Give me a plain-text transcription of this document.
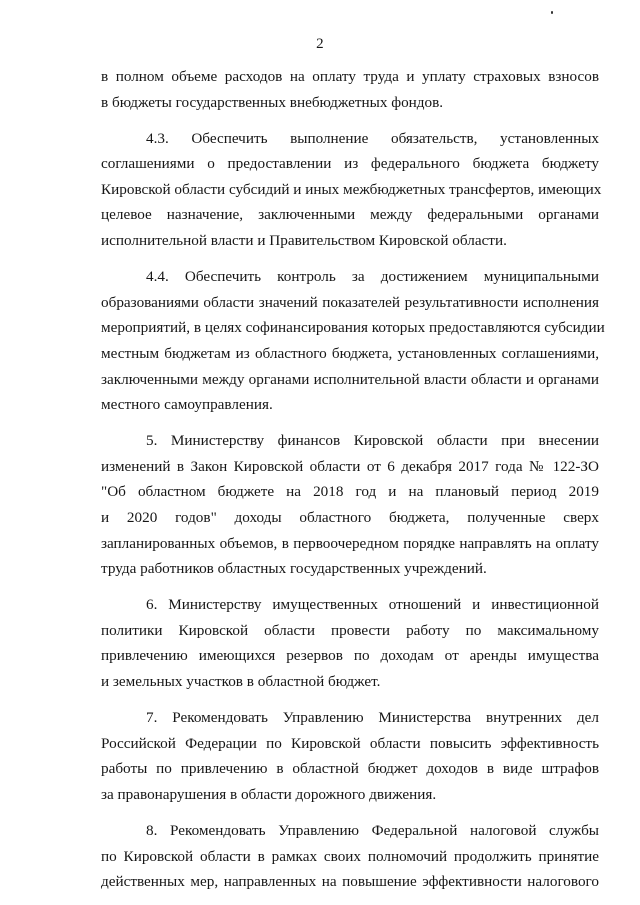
2

в полном объеме расходов на оплату труда и уплату страховых взносов
в бюджеты государственных внебюджетных фондов.

4.3. Обеспечить выполнение обязательств, установленных
соглашениями о предоставлении из федерального бюджета бюджету
Кировской области субсидий и иных межбюджетных трансфертов, имеющих
целевое назначение, заключенными между федеральными органами
исполнительной власти и Правительством Кировской области.

4.4. Обеспечить контроль за достижением муниципальными
образованиями области значений показателей результативности исполнения
мероприятий, в целях софинансирования которых предоставляются субсидии
местным бюджетам из областного бюджета, установленных соглашениями,
заключенными между органами исполнительной власти области и органами
местного самоуправления.

5. Министерству финансов Кировской области при внесении
изменений в Закон Кировской области от 6 декабря 2017 года № 122-ЗО
"Об областном бюджете на 2018 год и на плановый период 2019
и 2020 годов" доходы областного бюджета, полученные сверх
запланированных объемов, в первоочередном порядке направлять на оплату
труда работников областных государственных учреждений.

6. Министерству имущественных отношений и инвестиционной
политики Кировской области провести работу по максимальному
привлечению имеющихся резервов по доходам от аренды имущества
и земельных участков в областной бюджет.

7. Рекомендовать Управлению Министерства внутренних дел
Российской Федерации по Кировской области повысить эффективность
работы по привлечению в областной бюджет доходов в виде штрафов
за правонарушения в области дорожного движения.

8. Рекомендовать Управлению Федеральной налоговой службы
по Кировской области в рамках своих полномочий продолжить принятие
действенных мер, направленных на повышение эффективности налогового
